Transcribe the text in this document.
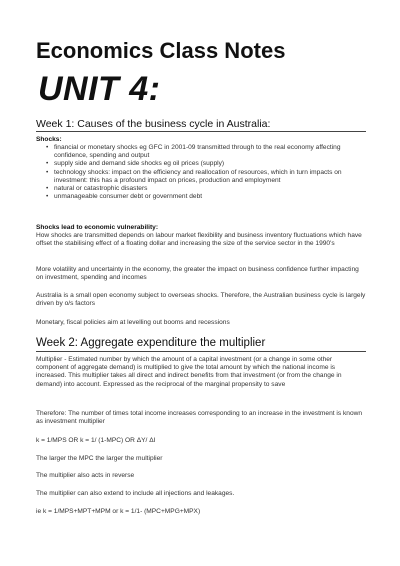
Economics Class Notes
UNIT 4:
Week 1: Causes of the business cycle in Australia:
Shocks:
• financial or monetary shocks eg GFC in 2001-09 transmitted through to the real economy affecting confidence, spending and output
• supply side and demand side shocks eg oil prices (supply)
• technology shocks: impact on the efficiency and reallocation of resources, which in turn impacts on investment: this has a profound impact on prices, production and employment
• natural or catastrophic disasters
• unmanageable consumer debt or government debt
Shocks lead to economic vulnerability:
How shocks are transmitted depends on labour market flexibility and business inventory fluctuations which have offset the stabilising effect of a floating dollar and increasing the size of the service sector in the 1990's
More volatility and uncertainty in the economy, the greater the impact on business confidence further impacting on investment, spending and incomes
Australia is a small open economy subject to overseas shocks. Therefore, the Australian business cycle is largely driven by o/s factors
Monetary, fiscal policies aim at levelling out booms and recessions
Week 2: Aggregate expenditure the multiplier
Multiplier - Estimated number by which the amount of a capital investment (or a change in some other component of aggregate demand) is multiplied to give the total amount by which the national income is increased. This multiplier takes all direct and indirect benefits from that investment (or from the change in demand) into account. Expressed as the reciprocal of the marginal propensity to save
Therefore: The number of times total income increases corresponding to an increase in the investment is known as investment multiplier
k = 1/MPS OR k = 1/ (1-MPC) OR ΔY/ ΔI
The larger the MPC the larger the multiplier
The multiplier also acts in reverse
The multiplier can also extend to include all injections and leakages.
ie k = 1/MPS+MPT+MPM or k = 1/1- (MPC+MPG+MPX)
